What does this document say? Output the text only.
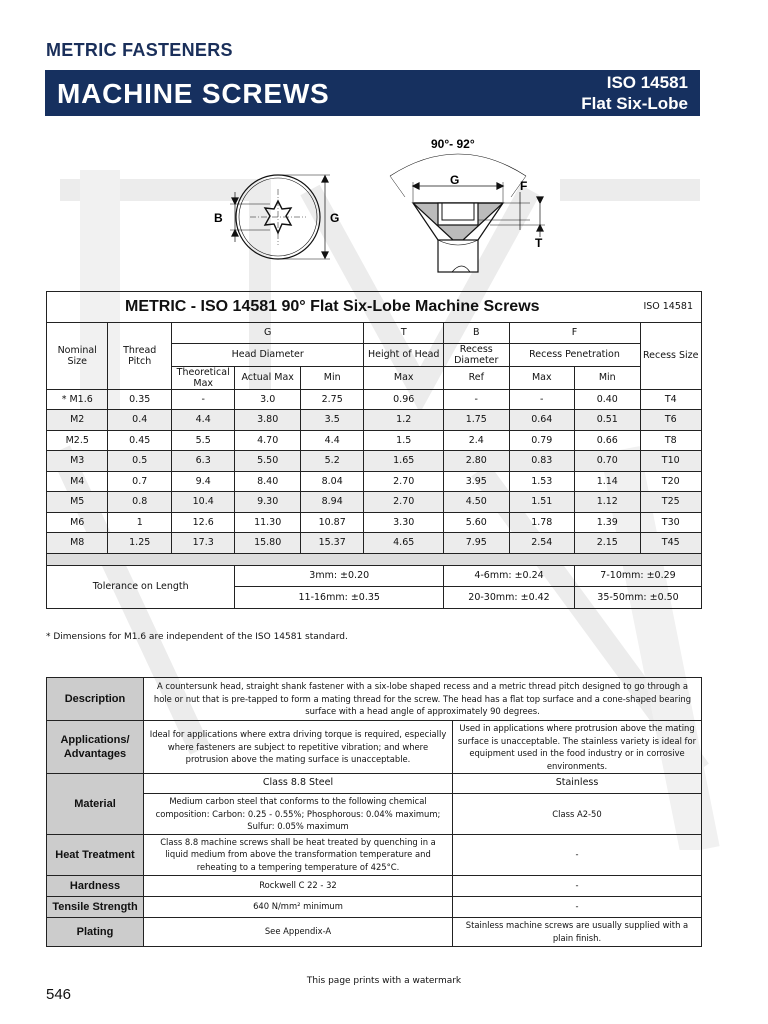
METRIC FASTENERS
MACHINE SCREWS	ISO 14581
Flat Six-Lobe
B	G
90°- 92°
G	F
T
METRIC - ISO 14581 90° Flat Six-Lobe Machine Screws ISO 14581									

Nominal Size	Thread Pitch	G			T	B	F		Recess Size
		Head Diameter			Height of Head	Recess Diameter	Recess Penetration		
		Theoretical Max	Actual Max	Min	Max	Ref	Max	Min	
* M1.6	0.35	-	3.0	2.75	0.96	-	-	0.40	T4
M2	0.4	4.4	3.80	3.5	1.2	1.75	0.64	0.51	T6
M2.5	0.45	5.5	4.70	4.4	1.5	2.4	0.79	0.66	T8
M3	0.5	6.3	5.50	5.2	1.65	2.80	0.83	0.70	T10
M4	0.7	9.4	8.40	8.04	2.70	3.95	1.53	1.14	T20
M5	0.8	10.4	9.30	8.94	2.70	4.50	1.51	1.12	T25
M6	1	12.6	11.30	10.87	3.30	5.60	1.78	1.39	T30
M8	1.25	17.3	15.80	15.37	4.65	7.95	2.54	2.15	T45

Tolerance on Length			3mm: ±0.20			4-6mm: ±0.24		7-10mm: ±0.29	
			11-16mm: ±0.35			20-30mm: ±0.42		35-50mm: ±0.50	
* Dimensions for M1.6 are independent of the ISO 14581 standard.
Description	A countersunk head, straight shank fastener with a six-lobe shaped recess and a metric thread pitch designed to go through a hole or nut that is pre-tapped to form a mating thread for the screw. The head has a flat top surface and a cone-shaped bearing surface with a head angle of approximately 90 degrees.	
Applications/ Advantages	Ideal for applications where extra driving torque is required, especially where fasteners are subject to repetitive vibration; and where protrusion above the mating surface is unacceptable.	Used in applications where protrusion above the mating surface is unacceptable. The stainless variety is ideal for equipment used in the food industry or in corrosive environments.
Material	Class 8.8 Steel	Stainless
	Medium carbon steel that conforms to the following chemical composition: Carbon: 0.25 - 0.55%; Phosphorous: 0.04% maximum; Sulfur: 0.05% maximum	Class A2-50
Heat Treatment	Class 8.8 machine screws shall be heat treated by quenching in a liquid medium from above the transformation temperature and reheating to a tempering temperature of 425°C.	-
Hardness	Rockwell C 22 - 32	-
Tensile Strength	640 N/mm² minimum	-
Plating	See Appendix-A	Stainless machine screws are usually supplied with a plain finish.
This page prints with a watermark
546
